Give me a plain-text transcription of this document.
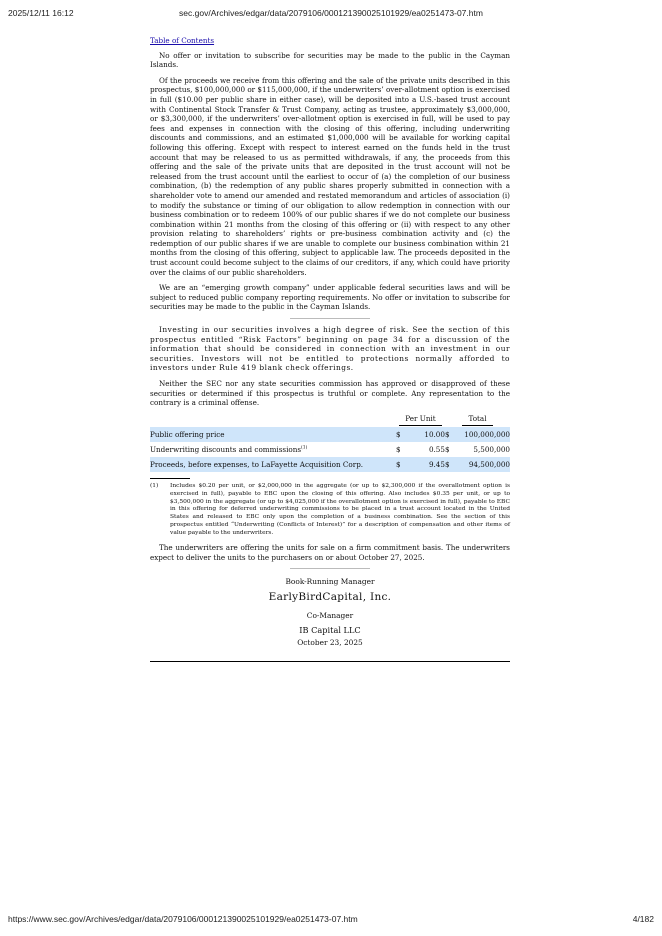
2025/12/11 16:12	sec.gov/Archives/edgar/data/2079106/000121390025101929/ea0251473-07.htm
Table of Contents

No offer or invitation to subscribe for securities may be made to the public in the Cayman Islands.

Of the proceeds we receive from this offering and the sale of the private units described in this prospectus, $100,000,000 or $115,000,000, if the underwriters’ over-allotment option is exercised in full ($10.00 per public share in either case), will be deposited into a U.S.-based trust account with Continental Stock Transfer & Trust Company, acting as trustee, approximately $3,000,000, or $3,300,000, if the underwriters’ over-allotment option is exercised in full, will be used to pay fees and expenses in connection with the closing of this offering, including underwriting discounts and commissions, and an estimated $1,000,000 will be available for working capital following this offering. Except with respect to interest earned on the funds held in the trust account that may be released to us as permitted withdrawals, if any, the proceeds from this offering and the sale of the private units that are deposited in the trust account will not be released from the trust account until the earliest to occur of (a) the completion of our business combination, (b) the redemption of any public shares properly submitted in connection with a shareholder vote to amend our amended and restated memorandum and articles of association (i) to modify the substance or timing of our obligation to allow redemption in connection with our business combination or to redeem 100% of our public shares if we do not complete our business combination within 21 months from the closing of this offering or (ii) with respect to any other provision relating to shareholders’ rights or pre-business combination activity and (c) the redemption of our public shares if we are unable to complete our business combination within 21 months from the closing of this offering, subject to applicable law. The proceeds deposited in the trust account could become subject to the claims of our creditors, if any, which could have priority over the claims of our public shareholders.

We are an “emerging growth company” under applicable federal securities laws and will be subject to reduced public company reporting requirements. No offer or invitation to subscribe for securities may be made to the public in the Cayman Islands.

Investing in our securities involves a high degree of risk. See the section of this prospectus entitled “Risk Factors” beginning on page 34 for a discussion of the information that should be considered in connection with an investment in our securities. Investors will not be entitled to protections normally afforded to investors under Rule 419 blank check offerings.

Neither the SEC nor any state securities commission has approved or disapproved of these securities or determined if this prospectus is truthful or complete. Any representation to the contrary is a criminal offense.

	Per Unit		Total	
Public offering price	$	10.00	$	100,000,000
Underwriting discounts and commissions$^{(1)}$	$	0.55	$	5,500,000
Proceeds, before expenses, to LaFayette Acquisition Corp.	$	9.45	$	94,500,000
(1)	Includes $0.20 per unit, or $2,000,000 in the aggregate (or up to $2,300,000 if the overallotment option is exercised in full), payable to EBC upon the closing of this offering. Also includes $0.35 per unit, or up to $3,500,000 in the aggregate (or up to $4,025,000 if the overallotment option is exercised in full), payable to EBC in this offering for deferred underwriting commissions to be placed in a trust account located in the United States and released to EBC only upon the completion of a business combination. See the section of this prospectus entitled “Underwriting (Conflicts of Interest)” for a description of compensation and other items of value payable to the underwriters.

The underwriters are offering the units for sale on a firm commitment basis. The underwriters expect to deliver the units to the purchasers on or about October 27, 2025.

Book-Running Manager
EarlyBirdCapital, Inc.
Co-Manager
IB Capital LLC
October 23, 2025
https://www.sec.gov/Archives/edgar/data/2079106/000121390025101929/ea0251473-07.htm	4/182
